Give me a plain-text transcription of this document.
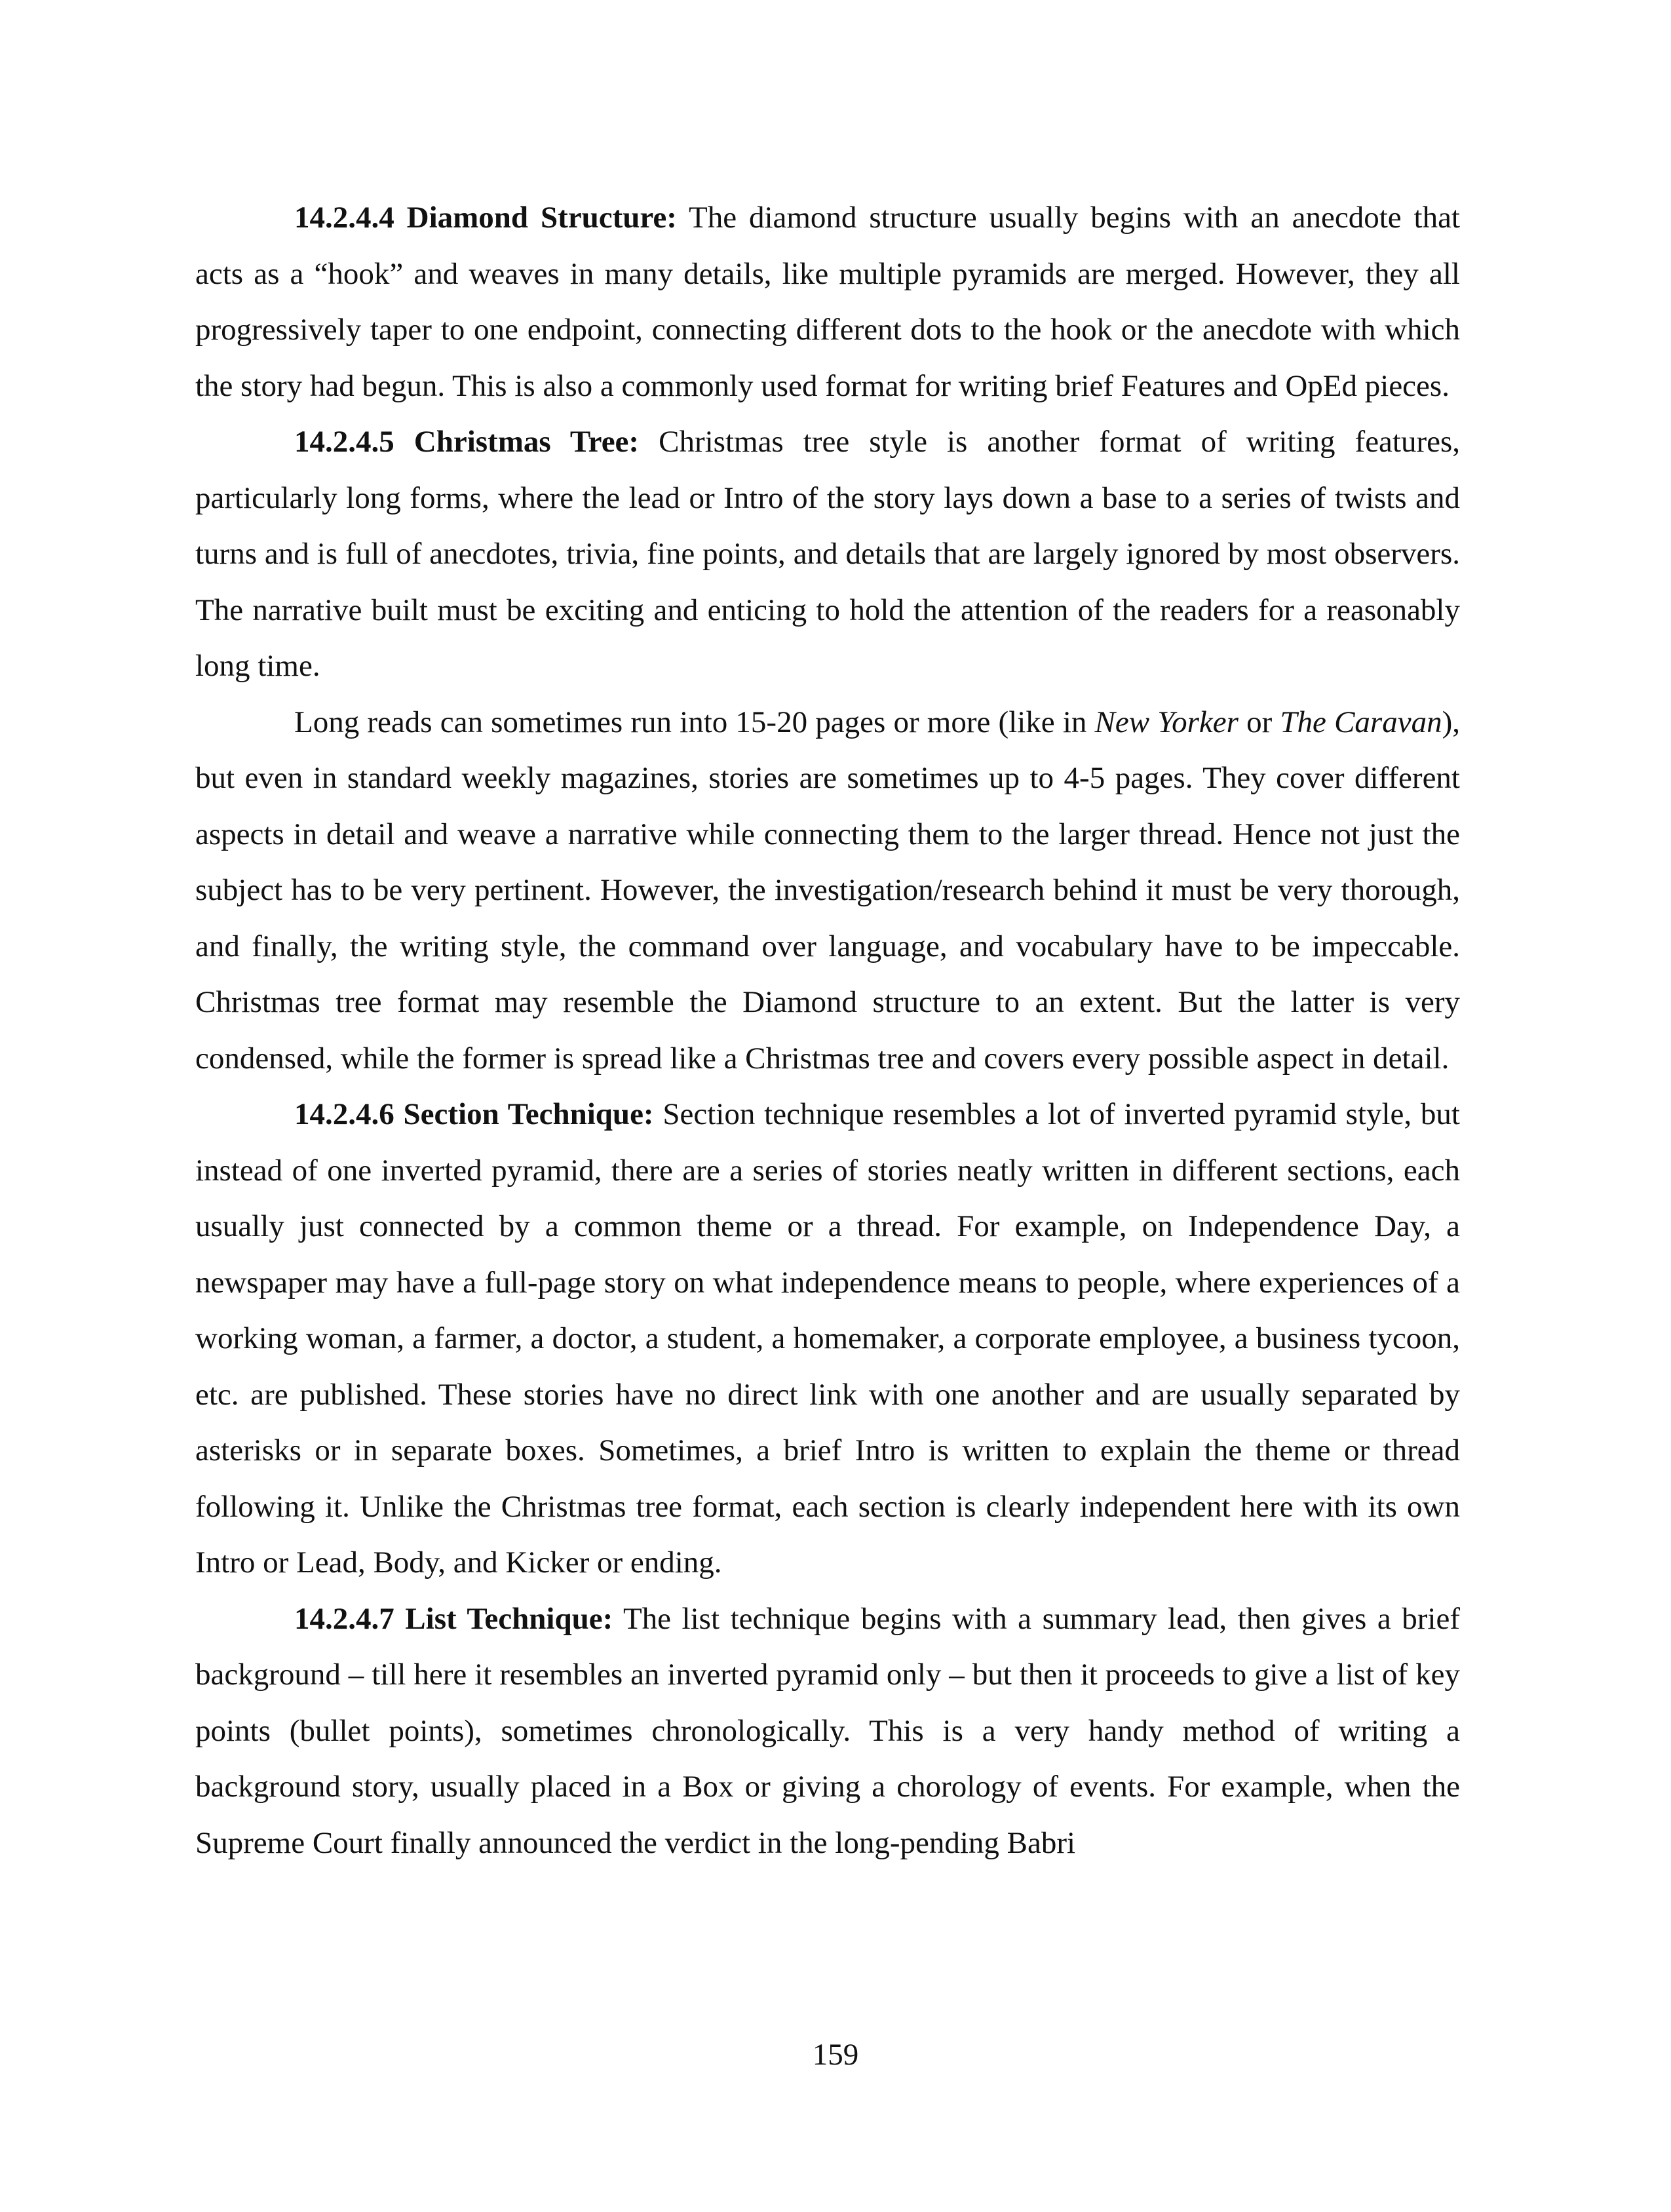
14.2.4.4 Diamond Structure: The diamond structure usually begins with an anecdote that acts as a “hook” and weaves in many details, like multiple pyramids are merged. However, they all progressively taper to one endpoint, connecting different dots to the hook or the anecdote with which the story had begun. This is also a commonly used format for writing brief Features and OpEd pieces.

14.2.4.5 Christmas Tree: Christmas tree style is another format of writing features, particularly long forms, where the lead or Intro of the story lays down a base to a series of twists and turns and is full of anecdotes, trivia, fine points, and details that are largely ignored by most observers. The narrative built must be exciting and enticing to hold the attention of the readers for a reasonably long time.

Long reads can sometimes run into 15-20 pages or more (like in New Yorker or The Caravan), but even in standard weekly magazines, stories are sometimes up to 4-5 pages. They cover different aspects in detail and weave a narrative while connecting them to the larger thread. Hence not just the subject has to be very pertinent. However, the investigation/research behind it must be very thorough, and finally, the writing style, the command over language, and vocabulary have to be impeccable. Christmas tree format may resemble the Diamond structure to an extent. But the latter is very condensed, while the former is spread like a Christmas tree and covers every possible aspect in detail.

14.2.4.6 Section Technique: Section technique resembles a lot of inverted pyramid style, but instead of one inverted pyramid, there are a series of stories neatly written in different sections, each usually just connected by a common theme or a thread. For example, on Independence Day, a newspaper may have a full-page story on what independence means to people, where experiences of a working woman, a farmer, a doctor, a student, a homemaker, a corporate employee, a business tycoon, etc. are published. These stories have no direct link with one another and are usually separated by asterisks or in separate boxes. Sometimes, a brief Intro is written to explain the theme or thread following it. Unlike the Christmas tree format, each section is clearly independent here with its own Intro or Lead, Body, and Kicker or ending.

14.2.4.7 List Technique: The list technique begins with a summary lead, then gives a brief background – till here it resembles an inverted pyramid only – but then it proceeds to give a list of key points (bullet points), sometimes chronologically. This is a very handy method of writing a background story, usually placed in a Box or giving a chorology of events. For example, when the Supreme Court finally announced the verdict in the long-pending Babri

159
